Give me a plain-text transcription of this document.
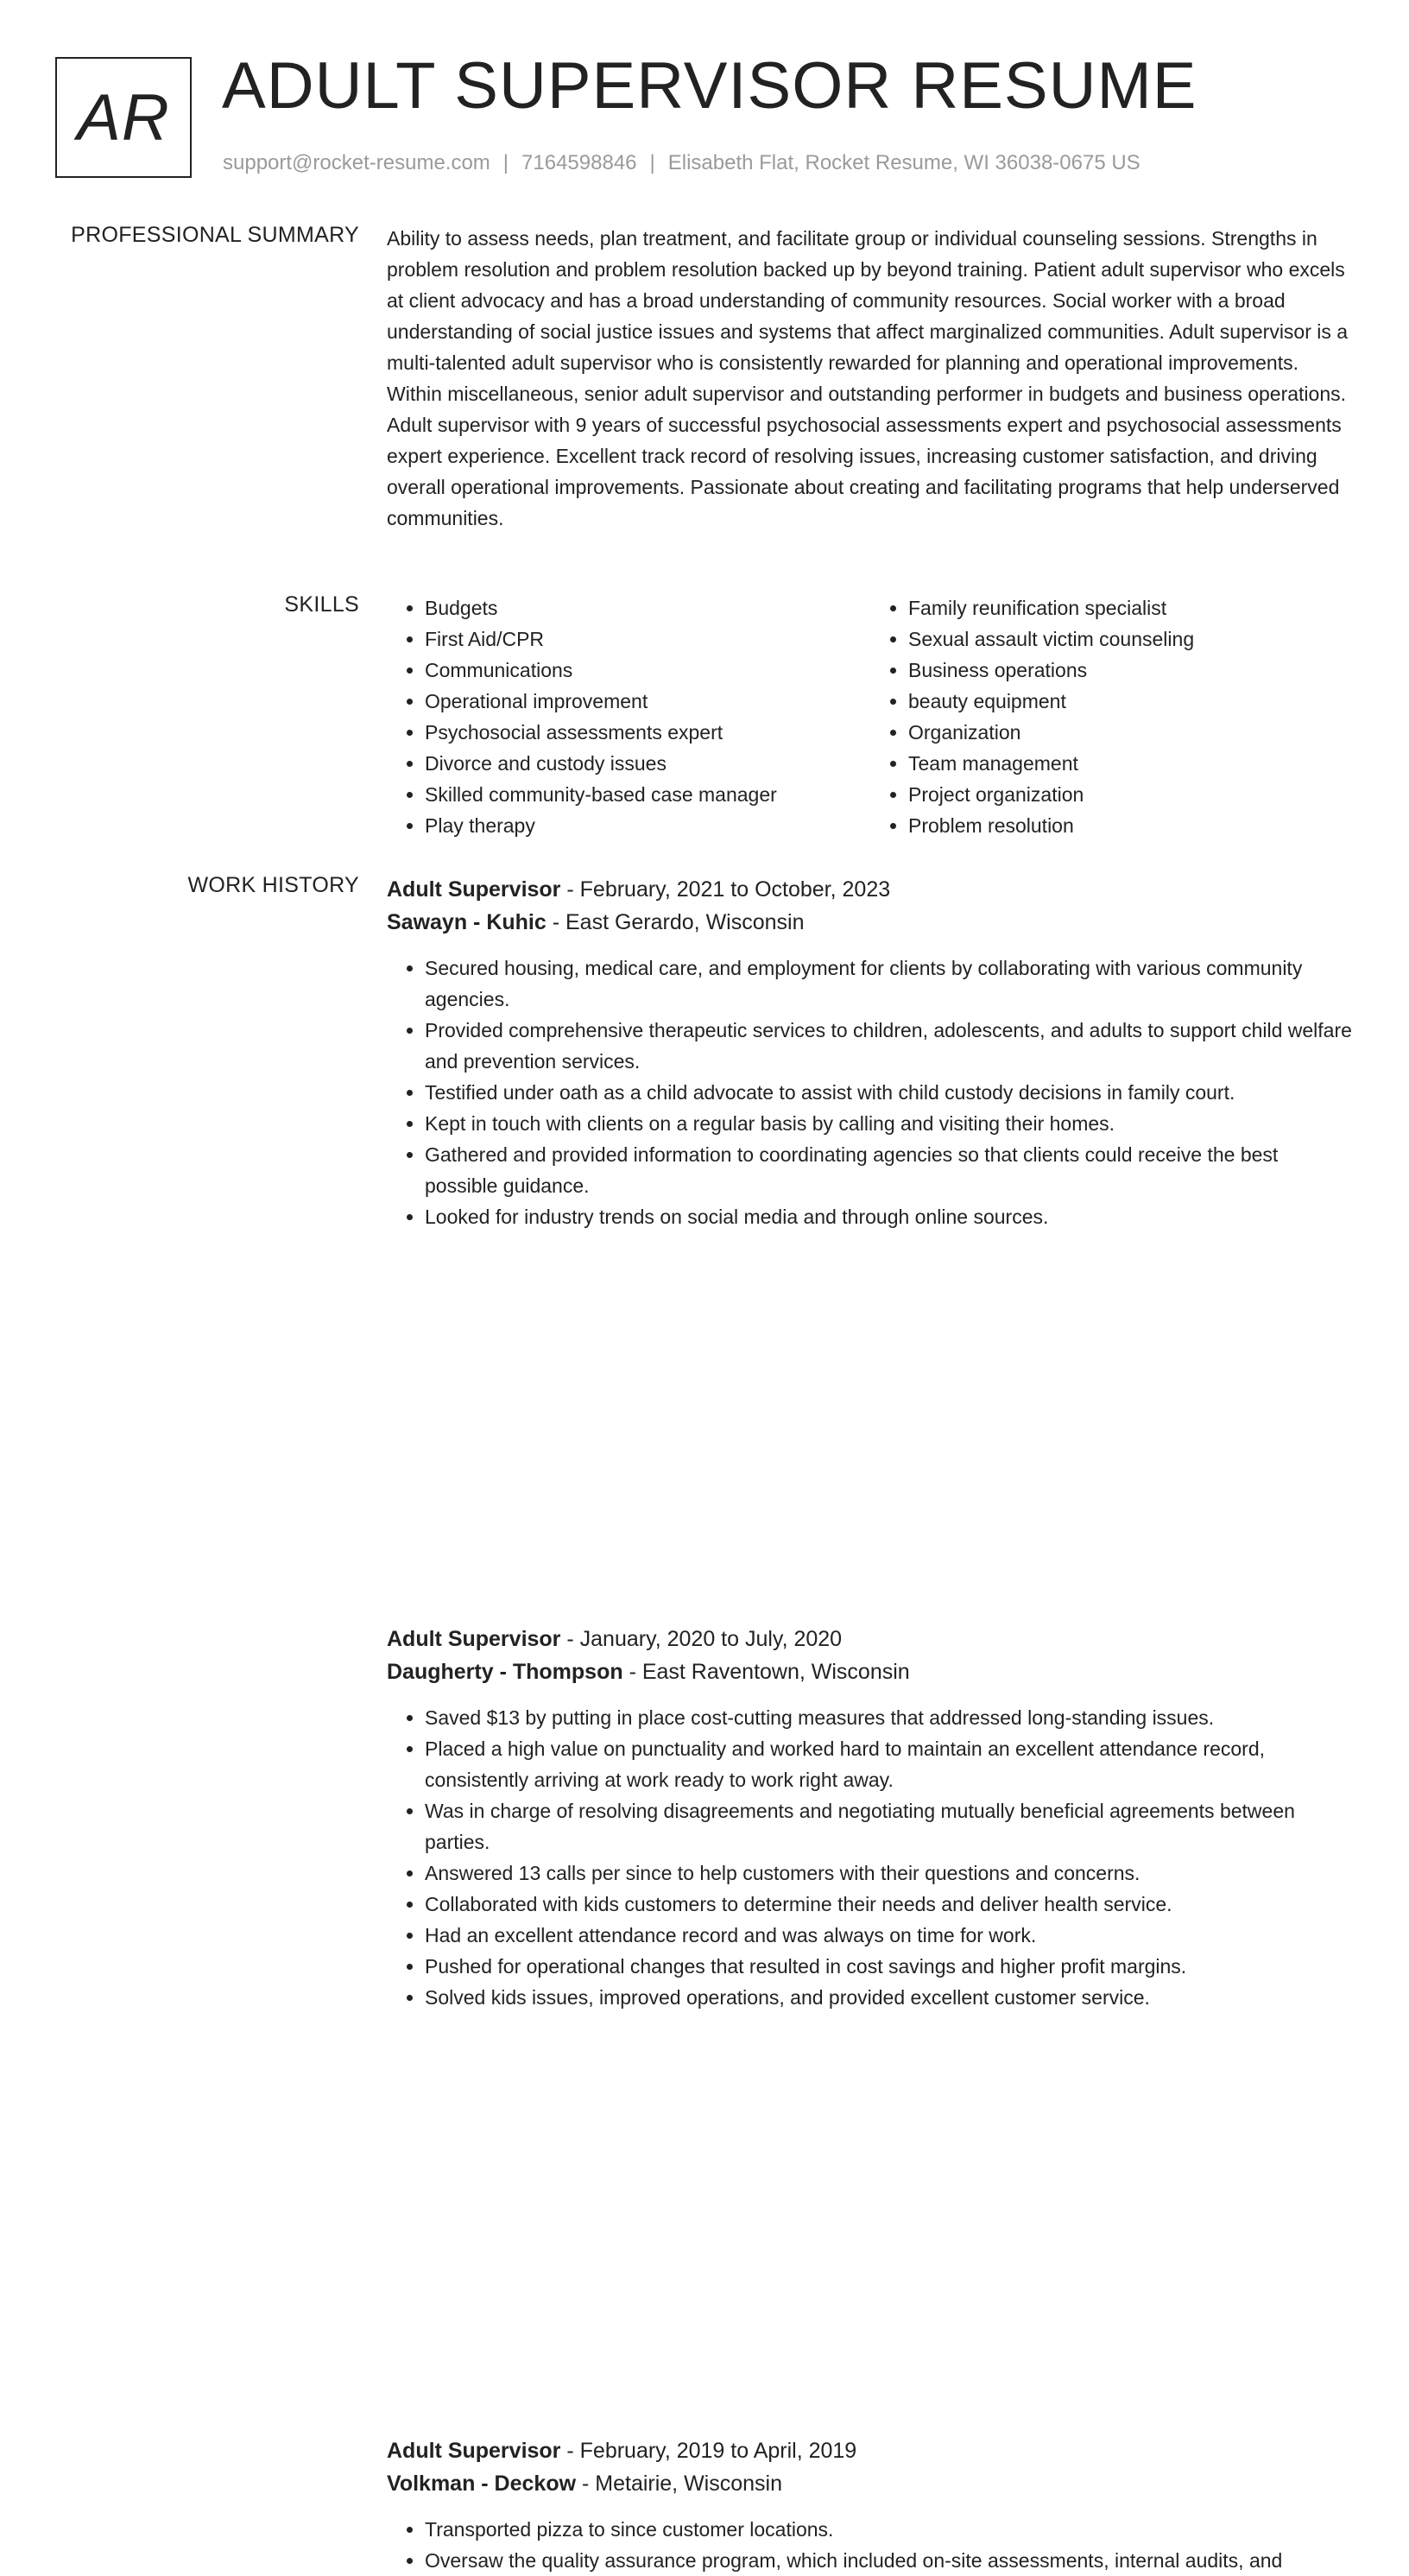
AR ADULT SUPERVISOR RESUME
support@rocket-resume.com | 7164598846 | Elisabeth Flat, Rocket Resume, WI 36038-0675 US
PROFESSIONAL SUMMARY Ability to assess needs, plan treatment, and facilitate group or individual counseling sessions. Strengths in problem resolution and problem resolution backed up by beyond training. Patient adult supervisor who excels at client advocacy and has a broad understanding of community resources. Social worker with a broad understanding of social justice issues and systems that affect marginalized communities. Adult supervisor is a multi-talented adult supervisor who is consistently rewarded for planning and operational improvements. Within miscellaneous, senior adult supervisor and outstanding performer in budgets and business operations. Adult supervisor with 9 years of successful psychosocial assessments expert and psychosocial assessments expert experience. Excellent track record of resolving issues, increasing customer satisfaction, and driving overall operational improvements. Passionate about creating and facilitating programs that help underserved communities.

SKILLS
•	Budgets
• First Aid/CPR
• Communications
• Operational improvement
• Psychosocial assessments expert
• Divorce and custody issues
• Skilled community-based case manager
• Play therapy
• Family reunification specialist
• Sexual assault victim counseling
• Business operations
• beauty equipment
• Organization
• Team management
• Project organization
• Problem resolution
WORK HISTORY Adult Supervisor - February, 2021 to October, 2023
Sawayn - Kuhic - East Gerardo, Wisconsin
• Secured housing, medical care, and employment for clients by collaborating with various community agencies.
• Provided comprehensive therapeutic services to children, adolescents, and adults to support child welfare and prevention services.
• Testified under oath as a child advocate to assist with child custody decisions in family court.
• Kept in touch with clients on a regular basis by calling and visiting their homes.
• Gathered and provided information to coordinating agencies so that clients could receive the best possible guidance.
• Looked for industry trends on social media and through online sources.
Adult Supervisor - January, 2020 to July, 2020
Daugherty - Thompson - East Raventown, Wisconsin
• Saved $13 by putting in place cost-cutting measures that addressed long-standing issues.
• Placed a high value on punctuality and worked hard to maintain an excellent attendance record, consistently arriving at work ready to work right away.
• Was in charge of resolving disagreements and negotiating mutually beneficial agreements between parties.
• Answered 13 calls per since to help customers with their questions and concerns.
• Collaborated with kids customers to determine their needs and deliver health service.
• Had an excellent attendance record and was always on time for work.
• Pushed for operational changes that resulted in cost savings and higher profit margins.
• Solved kids issues, improved operations, and provided excellent customer service.
Adult Supervisor - February, 2019 to April, 2019
Volkman - Deckow - Metairie, Wisconsin
• Transported pizza to since customer locations.
• Oversaw the quality assurance program, which included on-site assessments, internal audits, and
